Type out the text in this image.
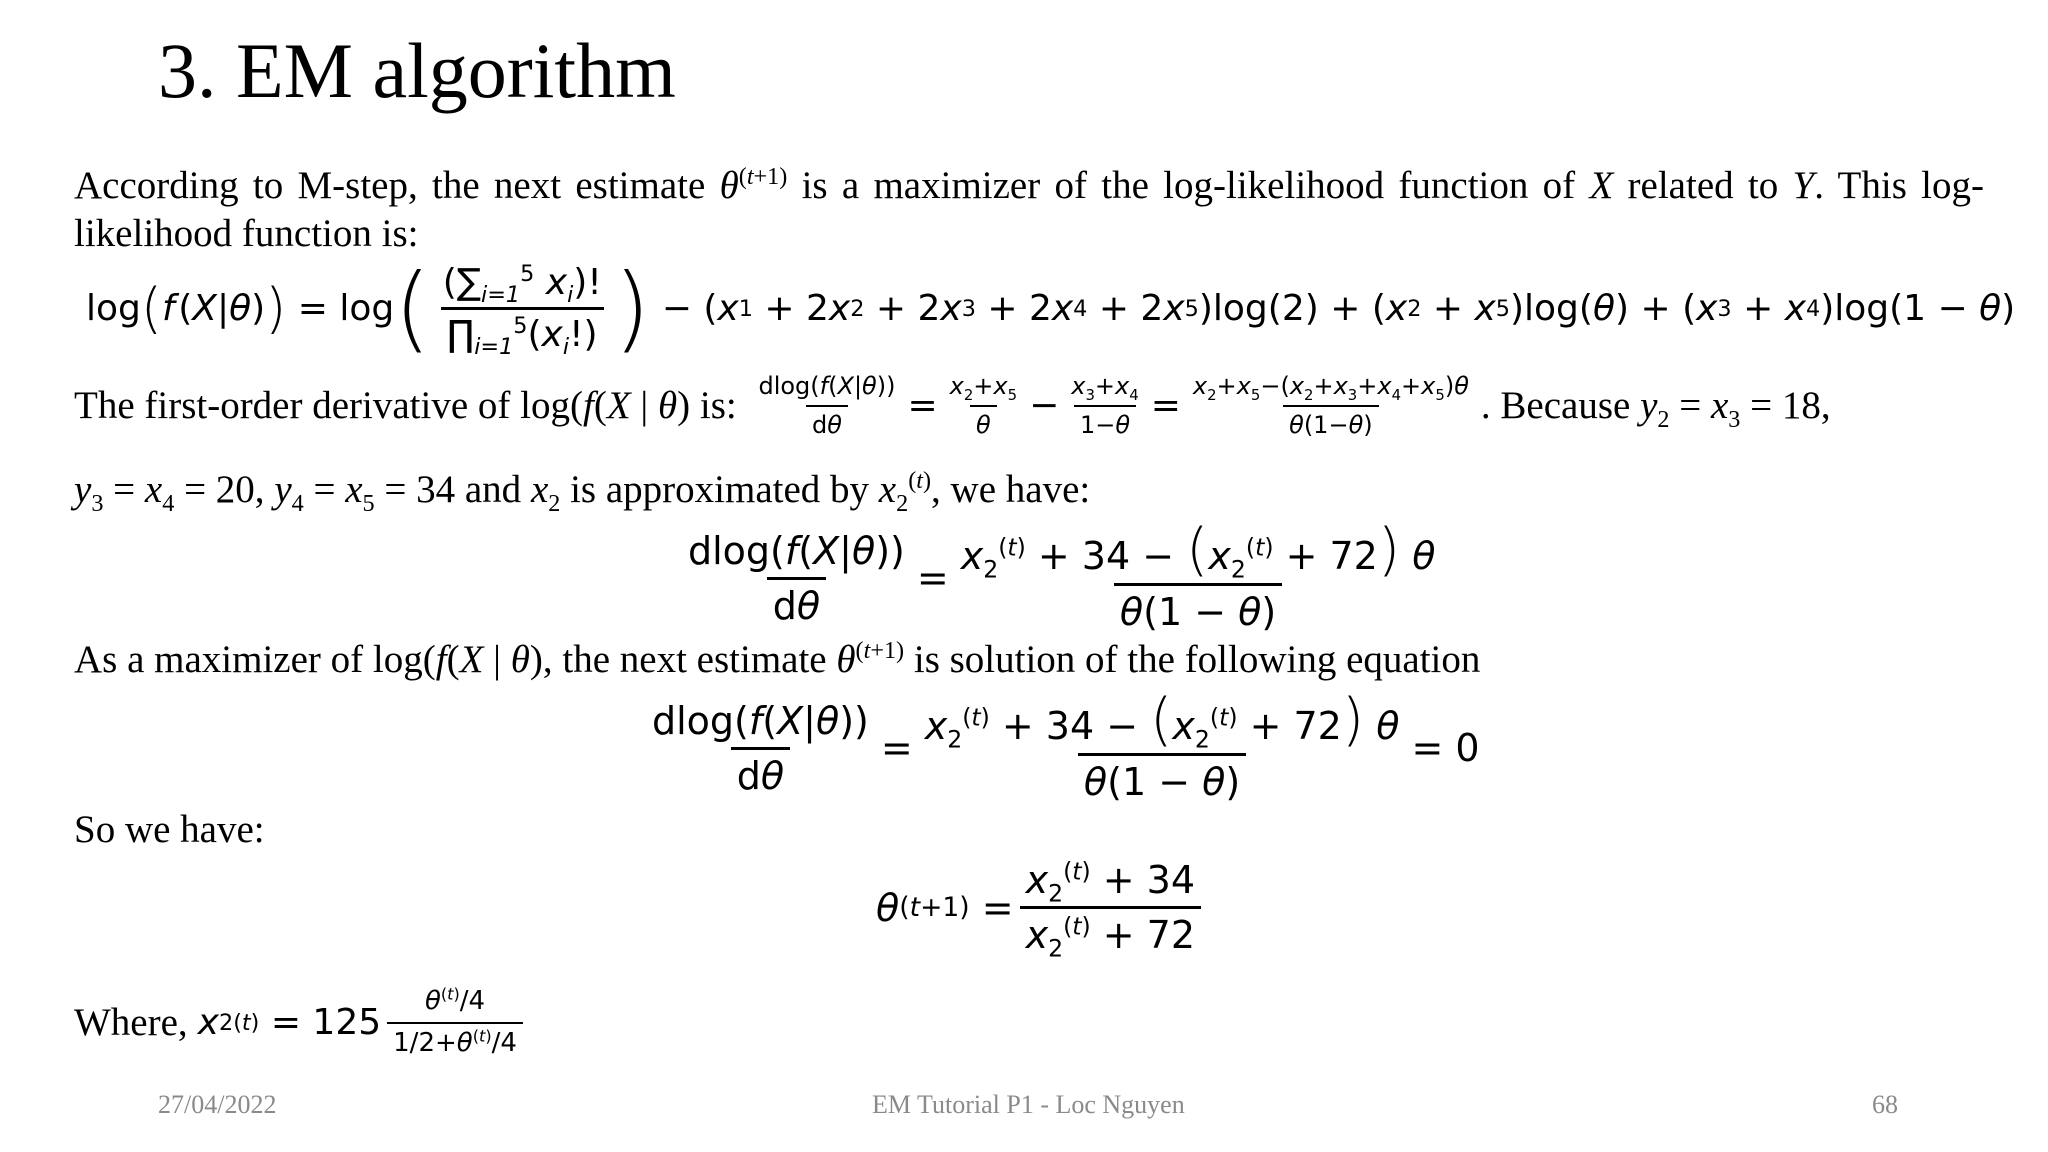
3. EM algorithm
According to M-step, the next estimate $\theta^{(t+1)}$ is a maximizer of the log-likelihood function of X related to Y. This log-likelihood function is:
log ( f
  ( X | θ ) ) = log ( $\frac{(\sum_{i=1}^5 x_i)!}{\prod_{i=1}^5(x_i!)}$ ) − ( x 1 + 2 x 2 + 2 x 3 + 2 x 4 + 2 x 5 )log(2) + ( x 2 + x 5 )log( θ ) + ( x 3 + x 4 )log(1 − θ )
The first-order derivative of log(f(X | θ) is: $\frac{dlog(f(X|\theta))}{d\theta} = \frac{x_2+x_5}{\theta} - \frac{x_3+x_4}{1-\theta} = \frac{x_2+x_5-(x_2+x_3+x_4+x_5)\theta}{\theta(1-\theta)}$ . Because $y_2 = x_3 = 18$,
$y_3 = x_4 = 20$, $y_4 = x_5 = 34$ and $x_2$ is approximated by $x_2^{(t)}$, we have:
$\frac{dlog(f(X|\theta))}{d\theta} = \frac{x_2^{(t)} + 34 - (x_2^{(t)} + 72) \theta}{\theta(1 - \theta)}$
As a maximizer of log(f(X | θ), the next estimate $\theta^{(t+1)}$ is solution of the following equation
$\frac{dlog(f(X|\theta))}{d\theta} = \frac{x_2^{(t)} + 34 - (x_2^{(t)} + 72) \theta}{\theta(1 - \theta)} = 0$
So we have:
θ $(t+1) = \frac{x_2^{(t)} + 34}{x_2^{(t)} + 72}$
Where, x 2 $(t) = 125 \frac{\theta^{(t)}/4}{1/2+\theta^{(t)}/4}$
27/04/2022	EM Tutorial P1 - Loc Nguyen	68
